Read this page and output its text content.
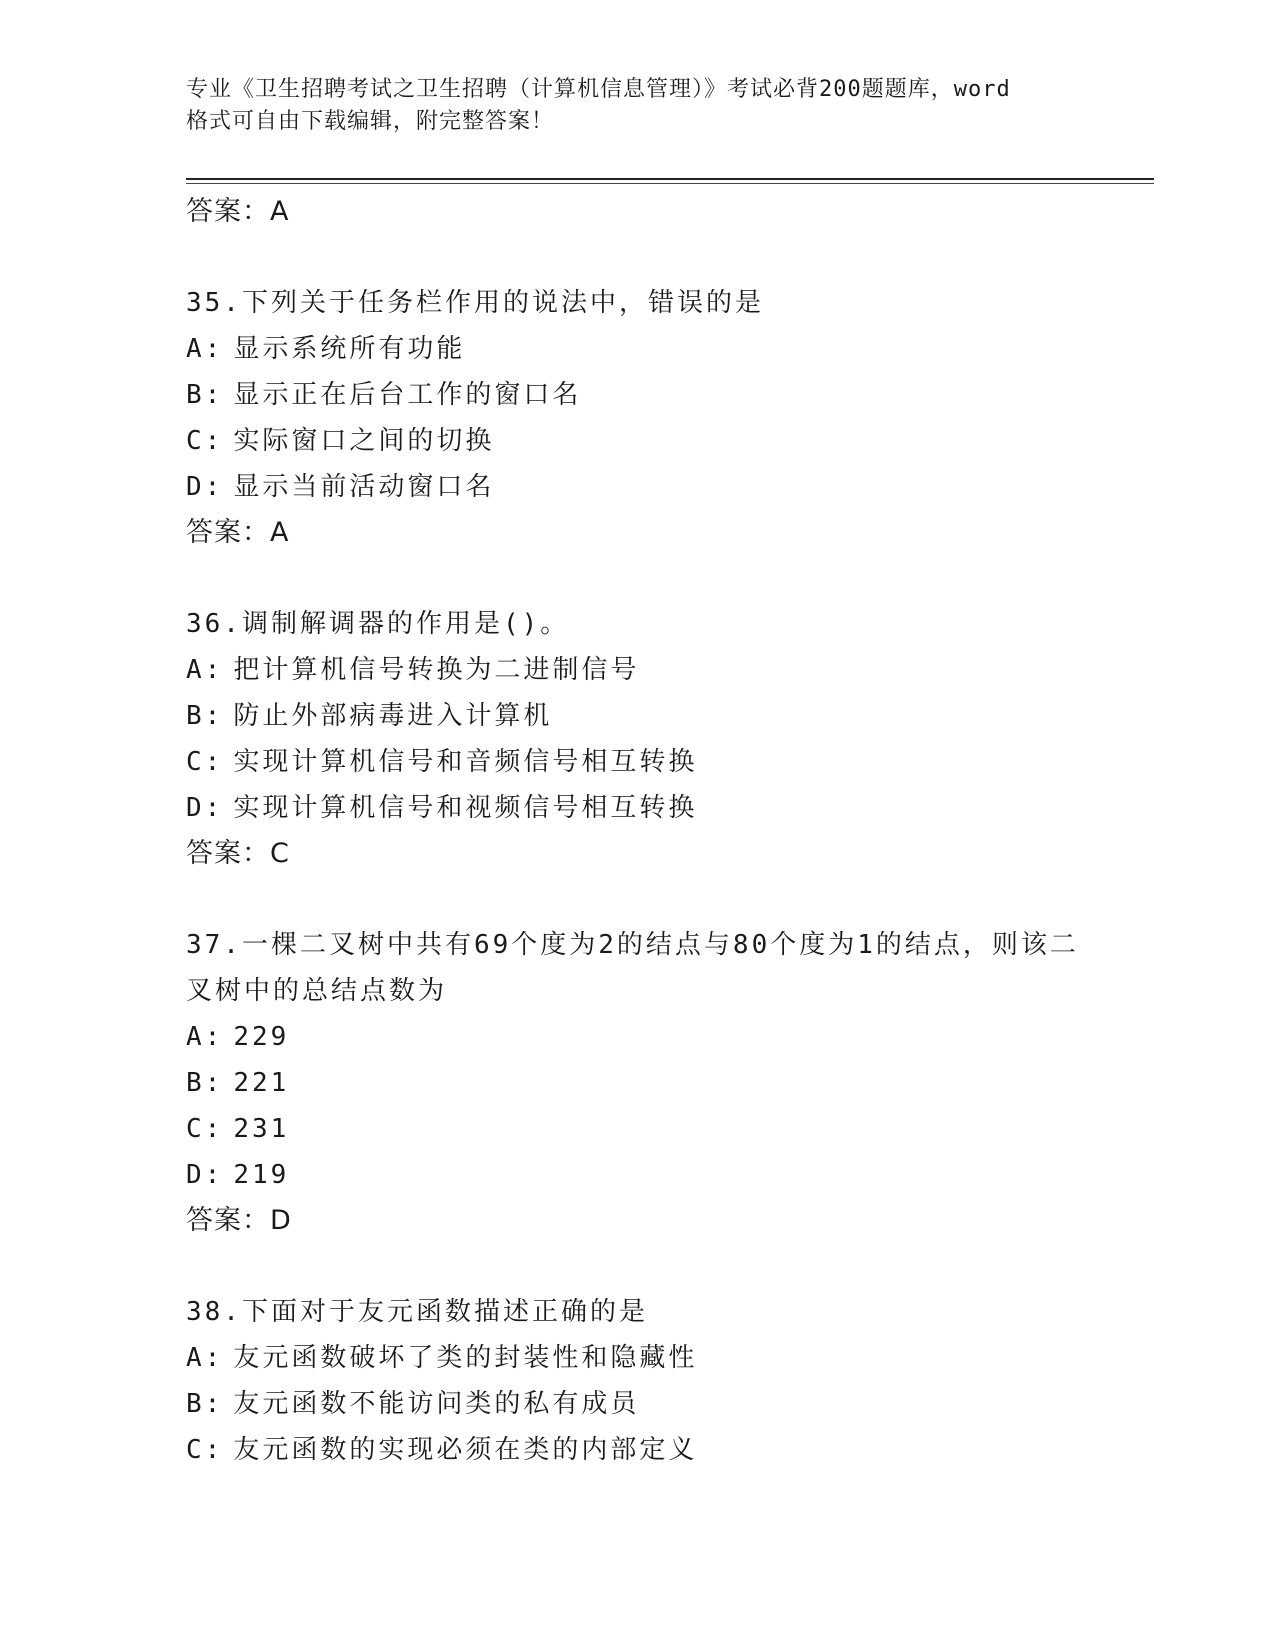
专业《卫生招聘考试之卫生招聘（计算机信息管理）》考试必背200题题库，word
格式可自由下载编辑，附完整答案！
答案：A
35.下列关于任务栏作用的说法中，错误的是
A: 显示系统所有功能
B: 显示正在后台工作的窗口名
C: 实际窗口之间的切换
D: 显示当前活动窗口名
答案：A
36.调制解调器的作用是()。
A: 把计算机信号转换为二进制信号
B: 防止外部病毒进入计算机
C: 实现计算机信号和音频信号相互转换
D: 实现计算机信号和视频信号相互转换
答案：C
37.一棵二叉树中共有69个度为2的结点与80个度为1的结点，则该二叉树中的总结点数为
A: 229
B: 221
C: 231
D: 219
答案：D
38.下面对于友元函数描述正确的是
A: 友元函数破坏了类的封装性和隐藏性
B: 友元函数不能访问类的私有成员
C: 友元函数的实现必须在类的内部定义
